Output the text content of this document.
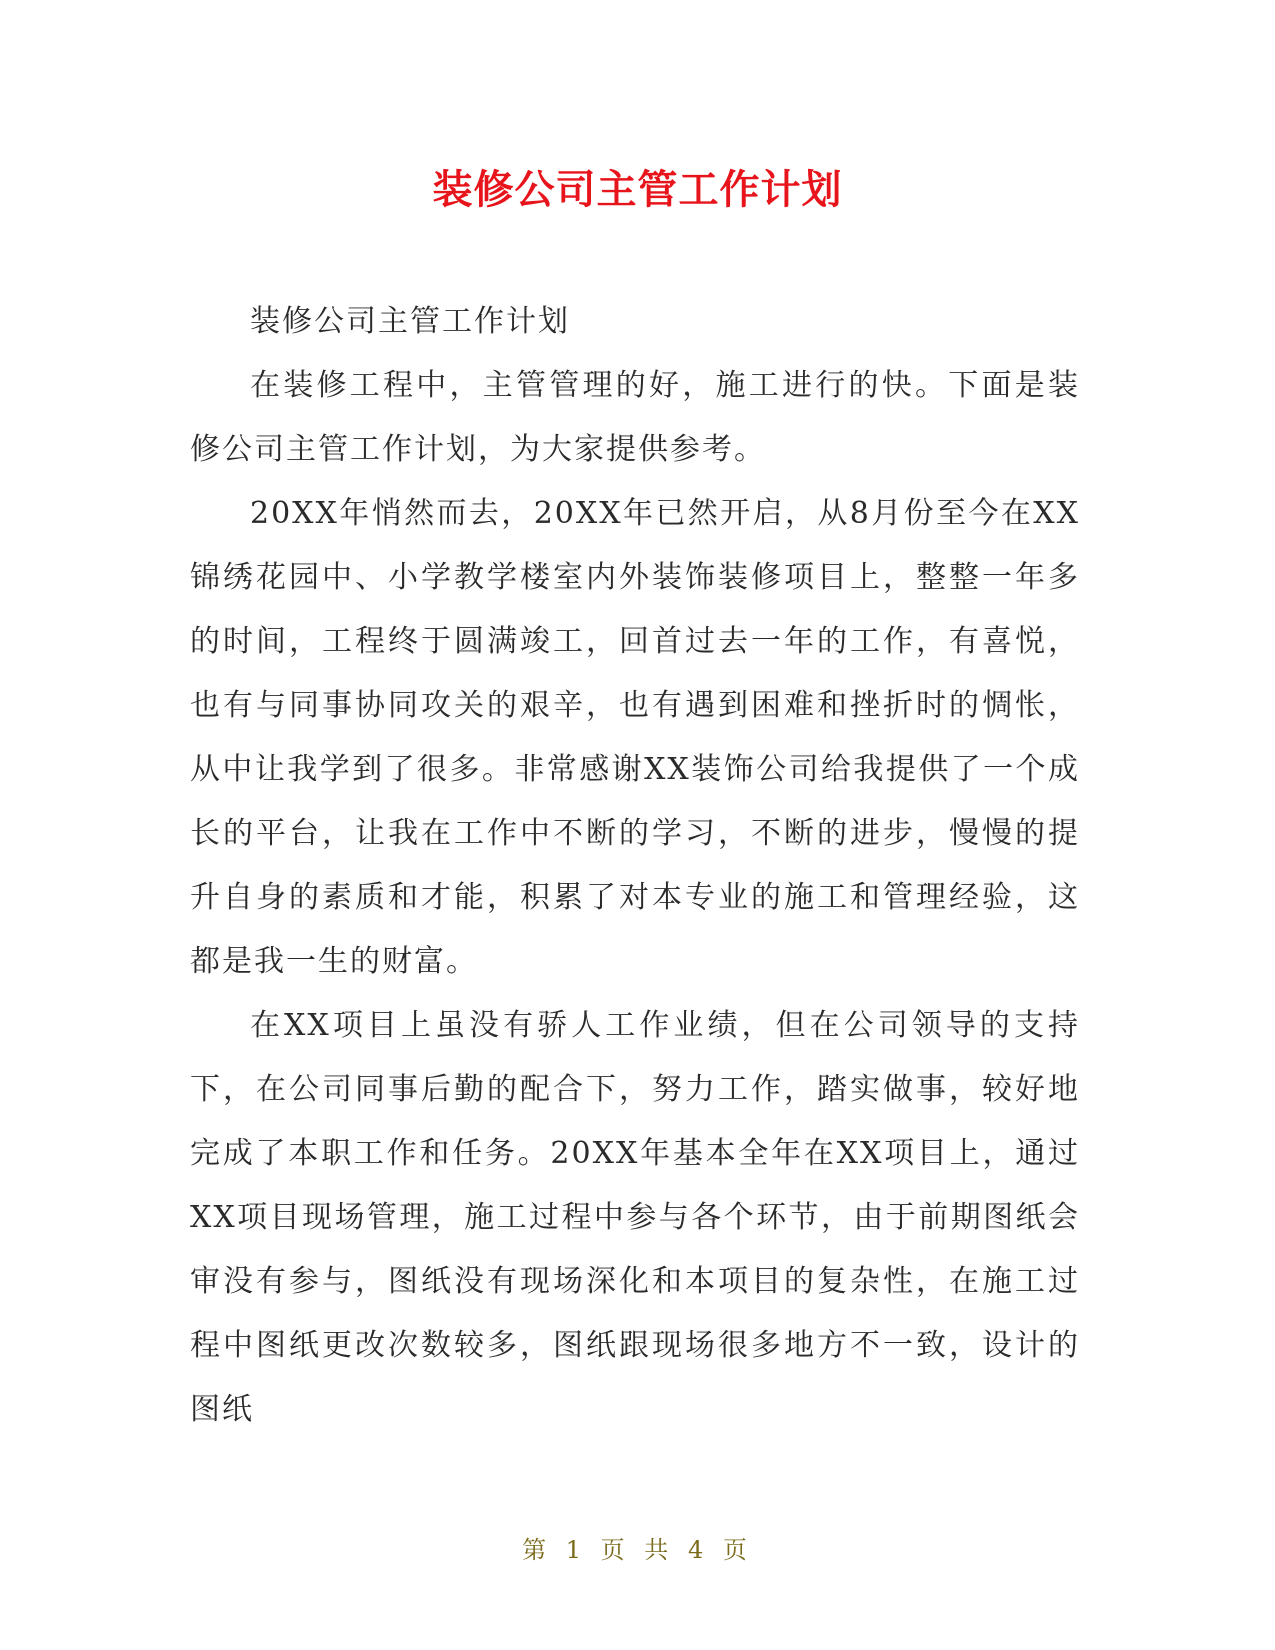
装修公司主管工作计划

装修公司主管工作计划

在装修工程中，主管管理的好，施工进行的快。下面是装修公司主管工作计划，为大家提供参考。

20XX年悄然而去，20XX年已然开启，从8月份至今在XX锦绣花园中、小学教学楼室内外装饰装修项目上，整整一年多的时间，工程终于圆满竣工，回首过去一年的工作，有喜悦，也有与同事协同攻关的艰辛，也有遇到困难和挫折时的惆怅，从中让我学到了很多。非常感谢XX装饰公司给我提供了一个成长的平台，让我在工作中不断的学习，不断的进步，慢慢的提升自身的素质和才能，积累了对本专业的施工和管理经验，这都是我一生的财富。

在XX项目上虽没有骄人工作业绩，但在公司领导的支持下，在公司同事后勤的配合下，努力工作，踏实做事，较好地完成了本职工作和任务。20XX年基本全年在XX项目上，通过XX项目现场管理，施工过程中参与各个环节，由于前期图纸会审没有参与，图纸没有现场深化和本项目的复杂性，在施工过程中图纸更改次数较多，图纸跟现场很多地方不一致，设计的图纸

第 1 页 共 4 页
